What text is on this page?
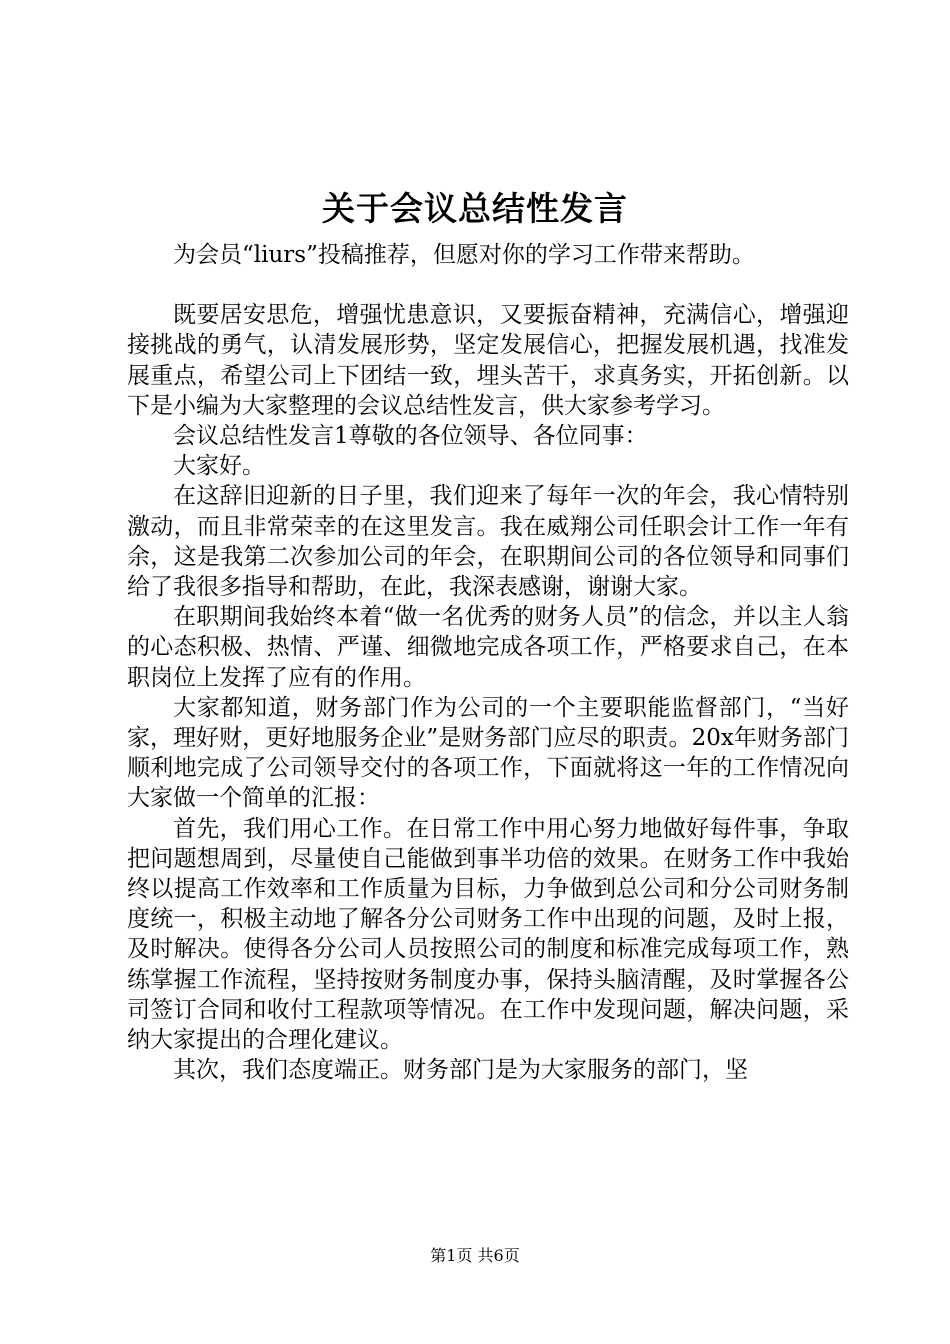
关于会议总结性发言

为会员“liurs”投稿推荐，但愿对你的学习工作带来帮助。

既要居安思危，增强忧患意识，又要振奋精神，充满信心，增强迎接挑战的勇气，认清发展形势，坚定发展信心，把握发展机遇，找准发展重点，希望公司上下团结一致，埋头苦干，求真务实，开拓创新。以下是小编为大家整理的会议总结性发言，供大家参考学习。

会议总结性发言1尊敬的各位领导、各位同事：

大家好。

在这辞旧迎新的日子里，我们迎来了每年一次的年会，我心情特别激动，而且非常荣幸的在这里发言。我在威翔公司任职会计工作一年有余，这是我第二次参加公司的年会，在职期间公司的各位领导和同事们给了我很多指导和帮助，在此，我深表感谢，谢谢大家。

在职期间我始终本着“做一名优秀的财务人员”的信念，并以主人翁的心态积极、热情、严谨、细微地完成各项工作，严格要求自己，在本职岗位上发挥了应有的作用。

大家都知道，财务部门作为公司的一个主要职能监督部门，“当好家，理好财，更好地服务企业”是财务部门应尽的职责。20x年财务部门顺利地完成了公司领导交付的各项工作，下面就将这一年的工作情况向大家做一个简单的汇报：

首先，我们用心工作。在日常工作中用心努力地做好每件事，争取把问题想周到，尽量使自己能做到事半功倍的效果。在财务工作中我始终以提高工作效率和工作质量为目标，力争做到总公司和分公司财务制度统一，积极主动地了解各分公司财务工作中出现的问题，及时上报，及时解决。使得各分公司人员按照公司的制度和标准完成每项工作，熟练掌握工作流程，坚持按财务制度办事，保持头脑清醒，及时掌握各公司签订合同和收付工程款项等情况。在工作中发现问题，解决问题，采纳大家提出的合理化建议。

其次，我们态度端正。财务部门是为大家服务的部门，坚

第1页 共6页
